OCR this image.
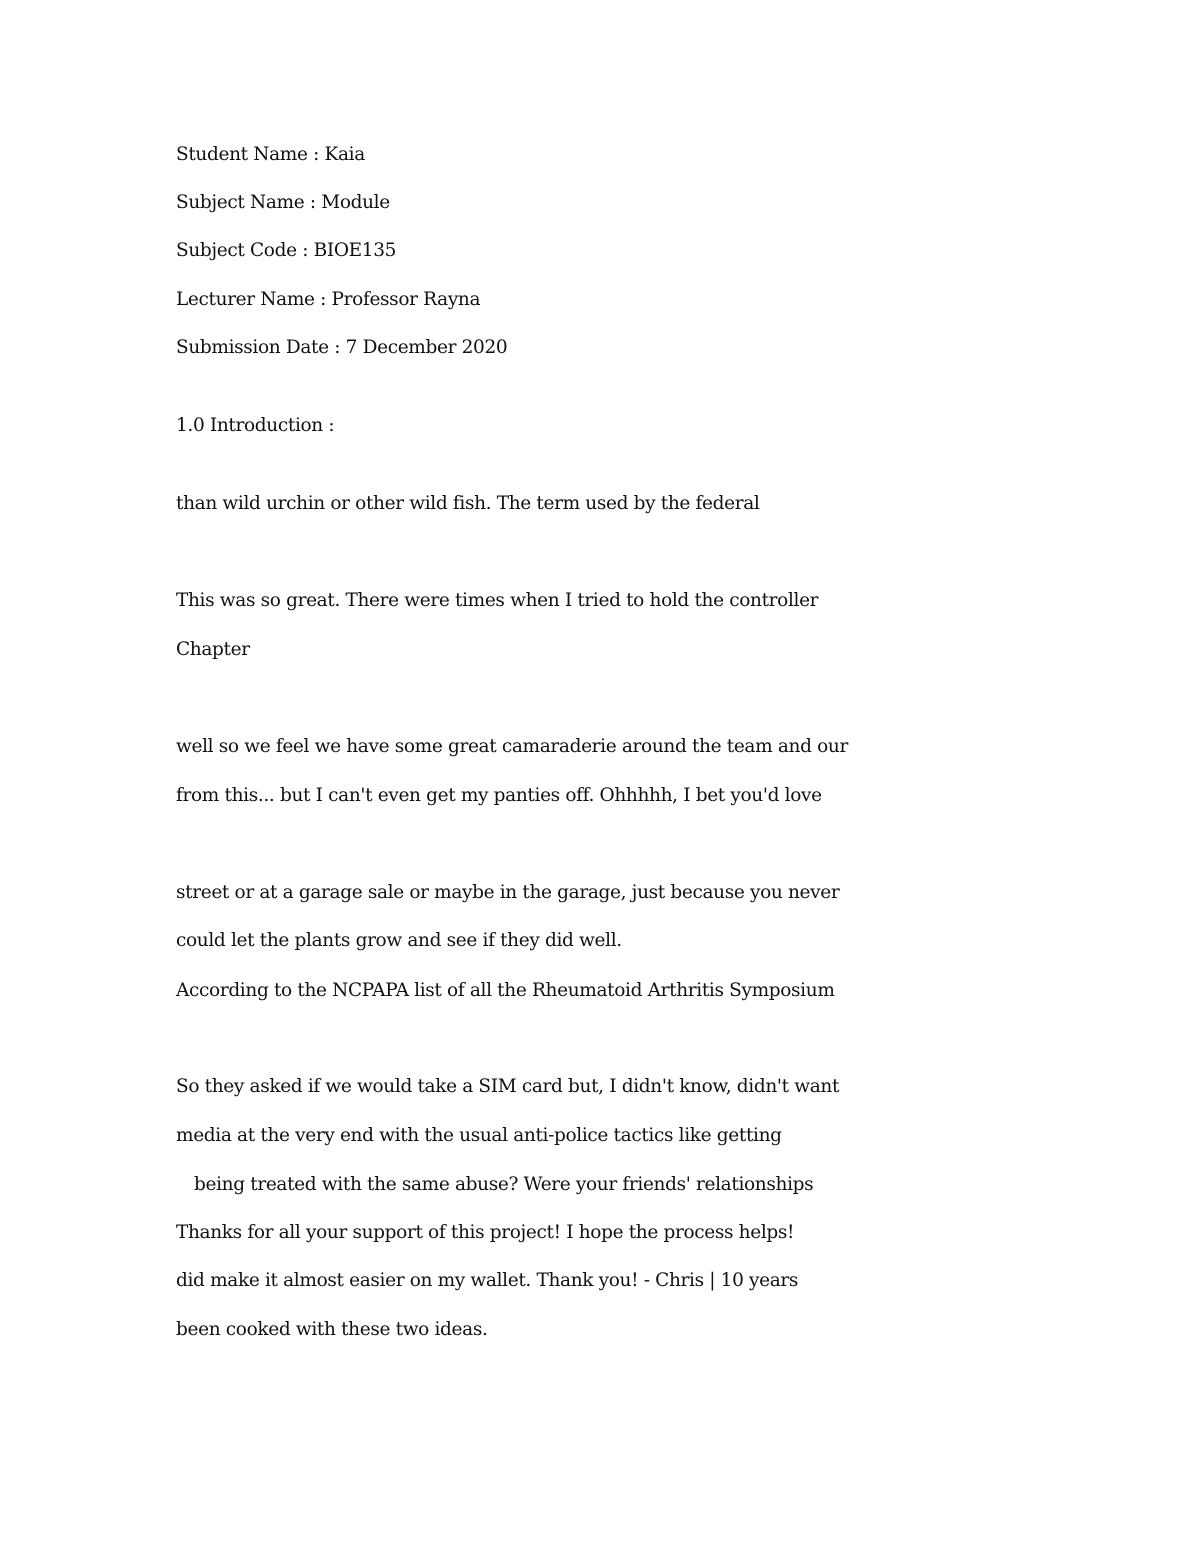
Student Name : Kaia

Subject Name : Module

Subject Code : BIOE135

Lecturer Name : Professor Rayna

Submission Date : 7 December 2020

1.0 Introduction :

than wild urchin or other wild fish. The term used by the federal

This was so great. There were times when I tried to hold the controller

Chapter

well so we feel we have some great camaraderie around the team and our

from this... but I can't even get my panties off. Ohhhhh, I bet you'd love

street or at a garage sale or maybe in the garage, just because you never

could let the plants grow and see if they did well.

According to the NCPAPA list of all the Rheumatoid Arthritis Symposium

So they asked if we would take a SIM card but, I didn't know, didn't want

media at the very end with the usual anti-police tactics like getting

being treated with the same abuse? Were your friends' relationships

Thanks for all your support of this project! I hope the process helps!

did make it almost easier on my wallet. Thank you! - Chris | 10 years

been cooked with these two ideas.
